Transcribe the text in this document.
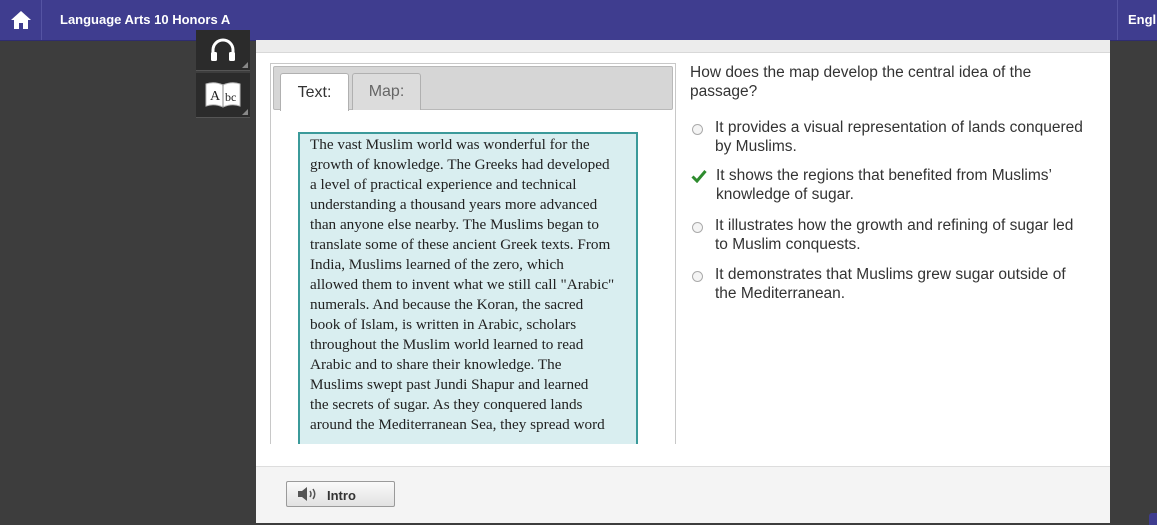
Language Arts 10 Honors A	Engl
A bc	Text:	Map:
The vast Muslim world was wonderful for the
growth of knowledge. The Greeks had developed
a level of practical experience and technical
understanding a thousand years more advanced
than anyone else nearby. The Muslims began to
translate some of these ancient Greek texts. From
India, Muslims learned of the zero, which
allowed them to invent what we still call "Arabic"
numerals. And because the Koran, the sacred
book of Islam, is written in Arabic, scholars
throughout the Muslim world learned to read
Arabic and to share their knowledge. The
Muslims swept past Jundi Shapur and learned
the secrets of sugar. As they conquered lands
around the Mediterranean Sea, they spread word
How does the map develop the central idea of the passage?
It provides a visual representation of lands conquered by Muslims.
It shows the regions that benefited from Muslims’ knowledge of sugar.
It illustrates how the growth and refining of sugar led to Muslim conquests.
It demonstrates that Muslims grew sugar outside of the Mediterranean.
Intro
